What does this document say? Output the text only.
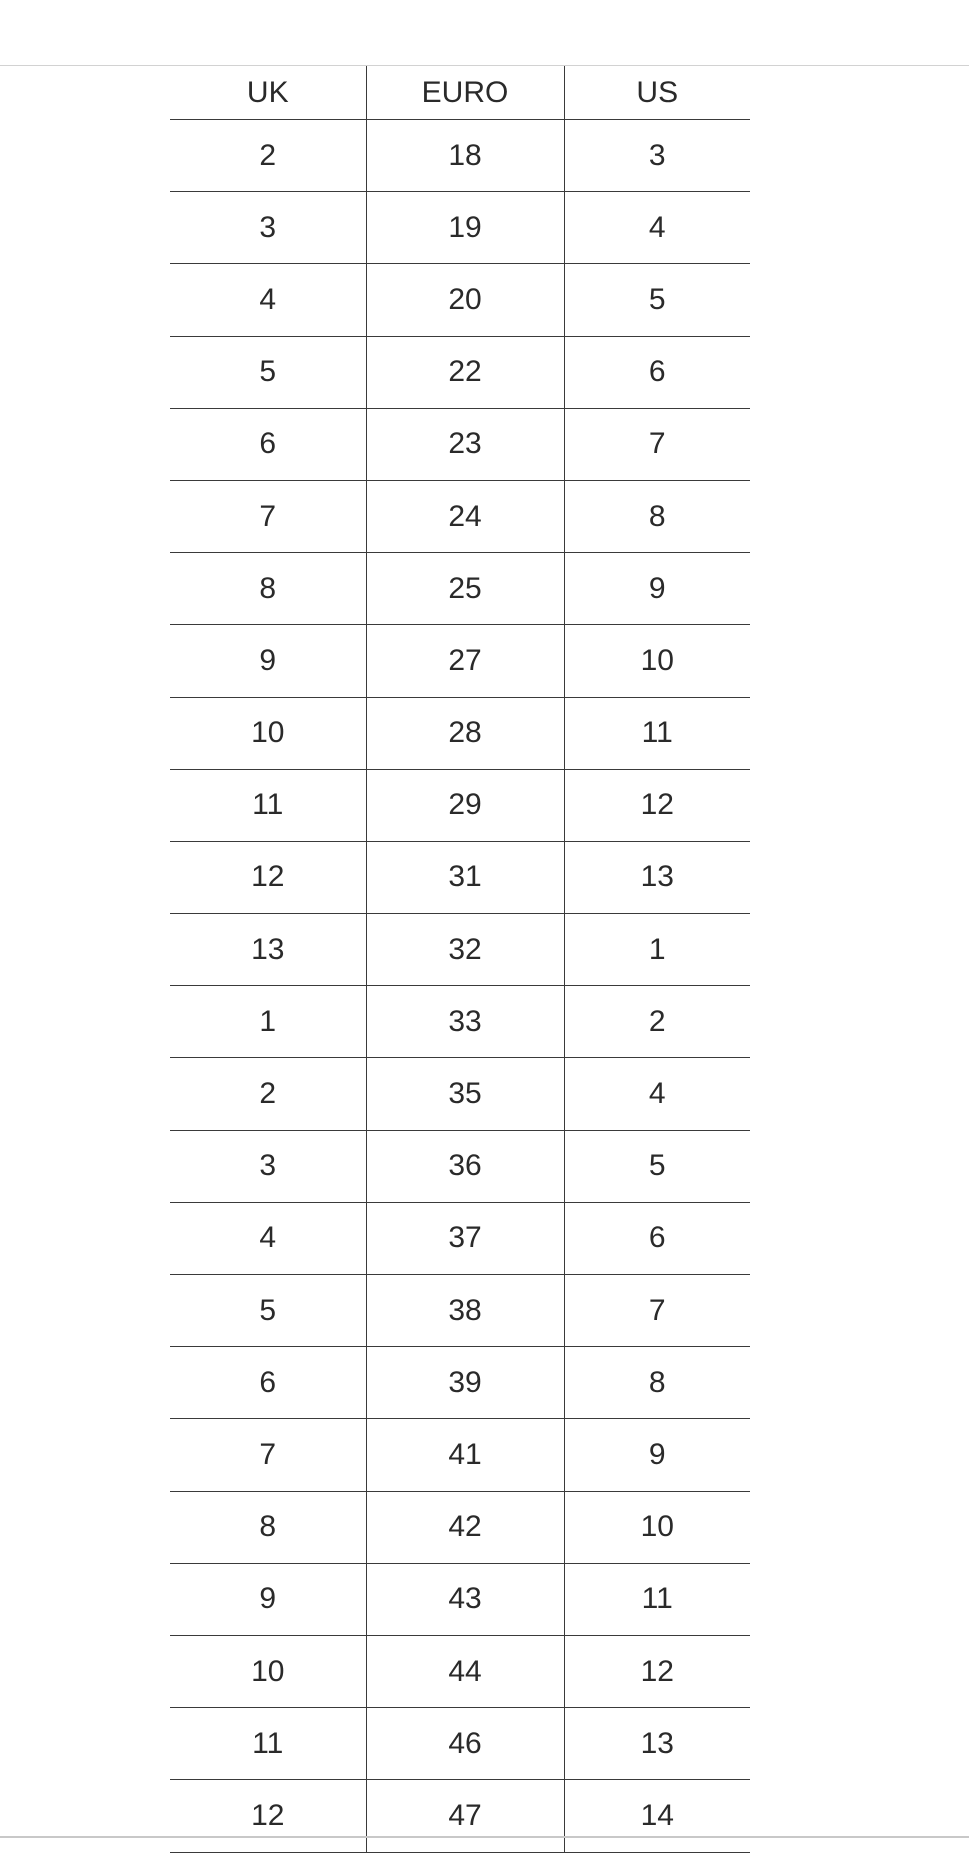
UK	EURO	US
2	18	3
3	19	4
4	20	5
5	22	6
6	23	7
7	24	8
8	25	9
9	27	10
10	28	11
11	29	12
12	31	13
13	32	1
1	33	2
2	35	4
3	36	5
4	37	6
5	38	7
6	39	8
7	41	9
8	42	10
9	43	11
10	44	12
11	46	13
12	47	14
